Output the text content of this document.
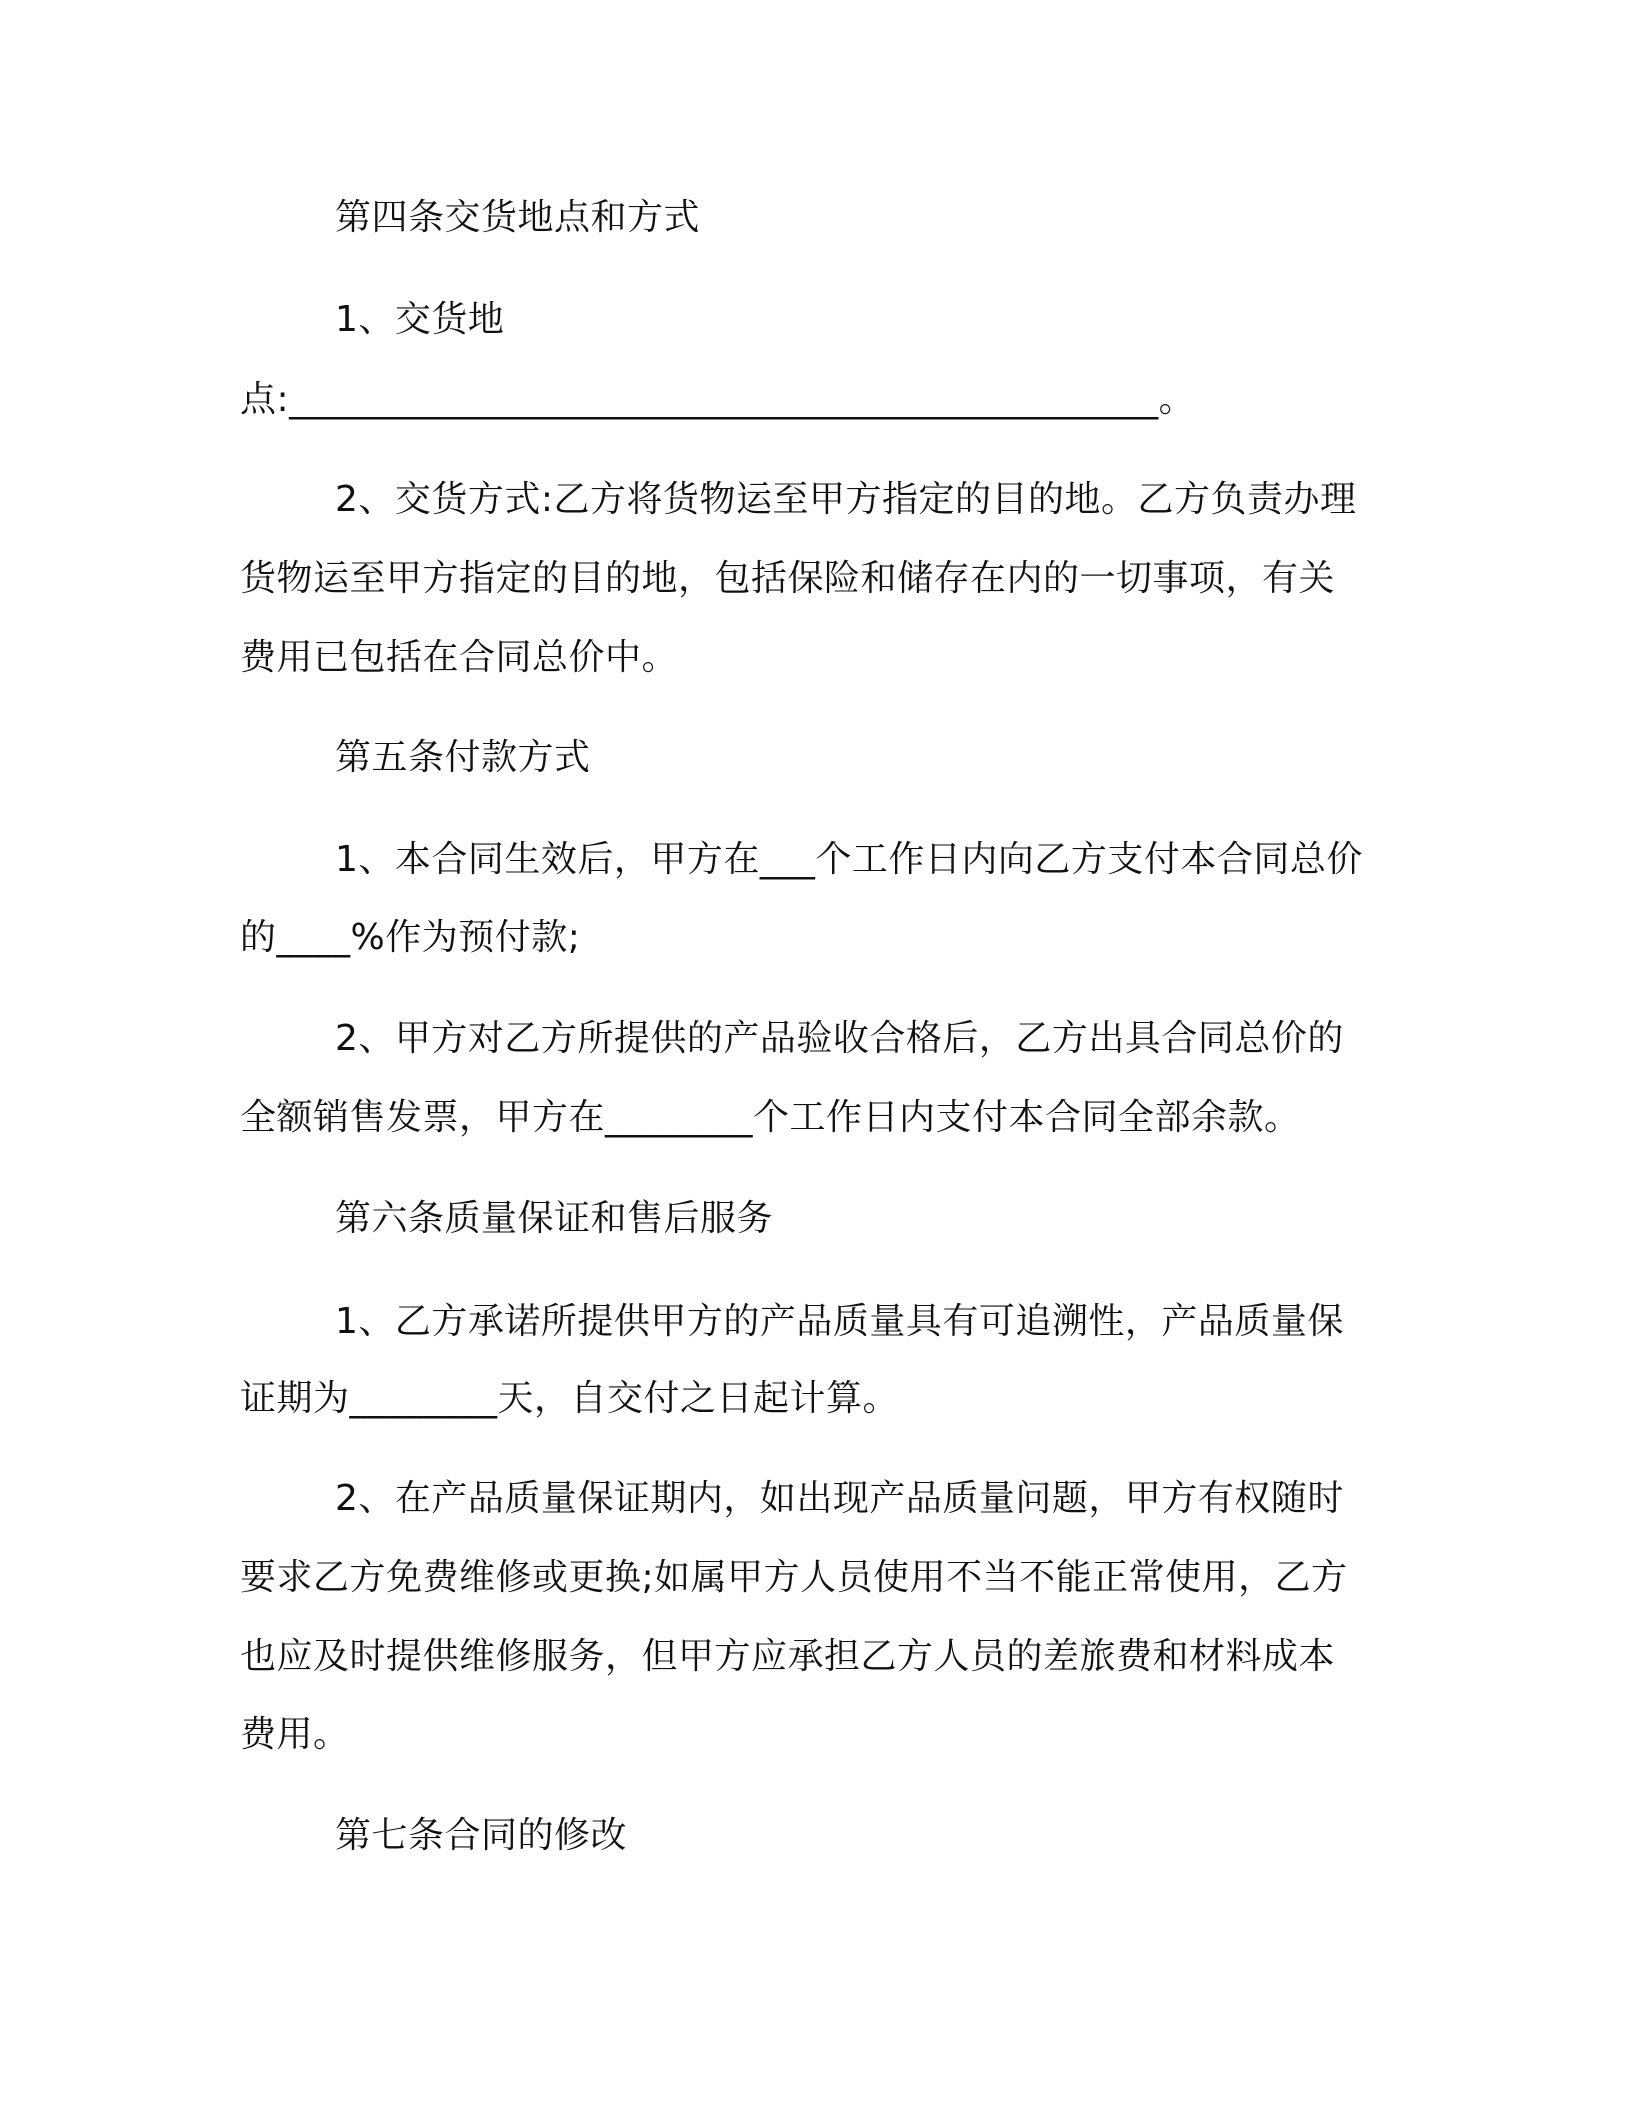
第四条交货地点和方式
1、交货地
点:_______________________________________________。
2、交货方式:乙方将货物运至甲方指定的目的地。乙方负责办理
货物运至甲方指定的目的地，包括保险和储存在内的一切事项，有关
费用已包括在合同总价中。
第五条付款方式
1、本合同生效后，甲方在___个工作日内向乙方支付本合同总价
的____%作为预付款;
2、甲方对乙方所提供的产品验收合格后，乙方出具合同总价的
全额销售发票，甲方在________个工作日内支付本合同全部余款。
第六条质量保证和售后服务
1、乙方承诺所提供甲方的产品质量具有可追溯性，产品质量保
证期为________天，自交付之日起计算。
2、在产品质量保证期内，如出现产品质量问题，甲方有权随时
要求乙方免费维修或更换;如属甲方人员使用不当不能正常使用，乙方
也应及时提供维修服务，但甲方应承担乙方人员的差旅费和材料成本
费用。
第七条合同的修改
